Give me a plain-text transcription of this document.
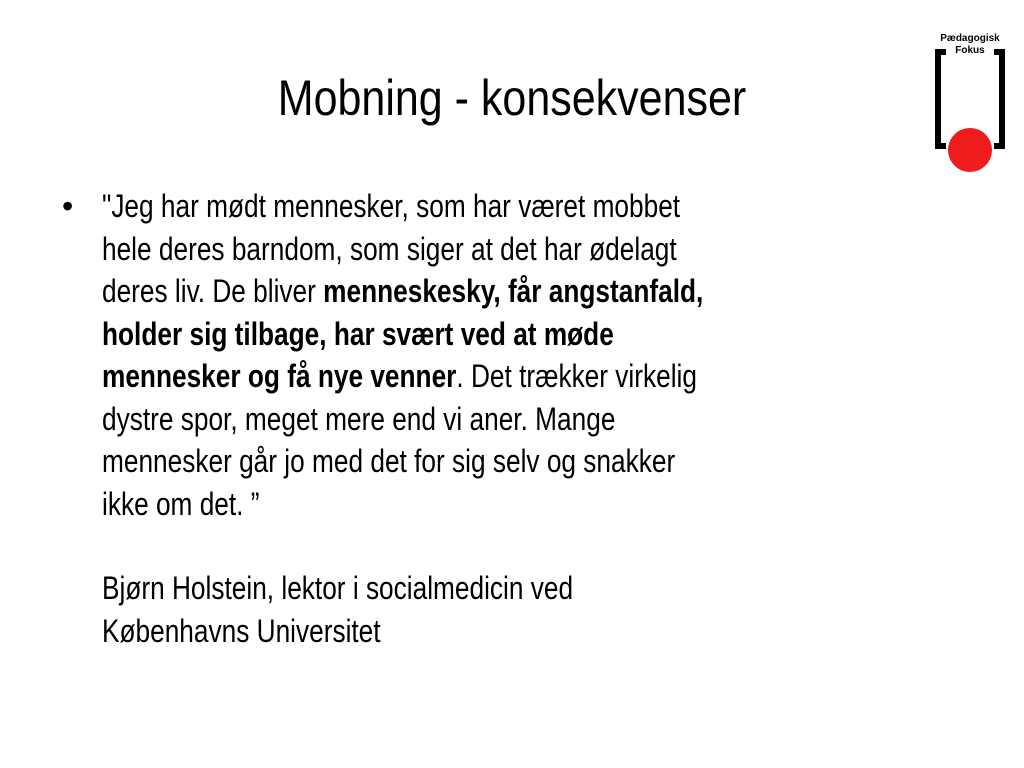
Mobning - konsekvenser
Pædagogisk
Fokus
• "Jeg har mødt mennesker, som har været mobbet
hele deres barndom, som siger at det har ødelagt
deres liv. De bliver menneskesky, får angstanfald,
holder sig tilbage, har svært ved at møde
mennesker og få nye venner. Det trækker virkelig
dystre spor, meget mere end vi aner. Mange
mennesker går jo med det for sig selv og snakker
ikke om det. ”
Bjørn Holstein, lektor i socialmedicin ved
Københavns Universitet
